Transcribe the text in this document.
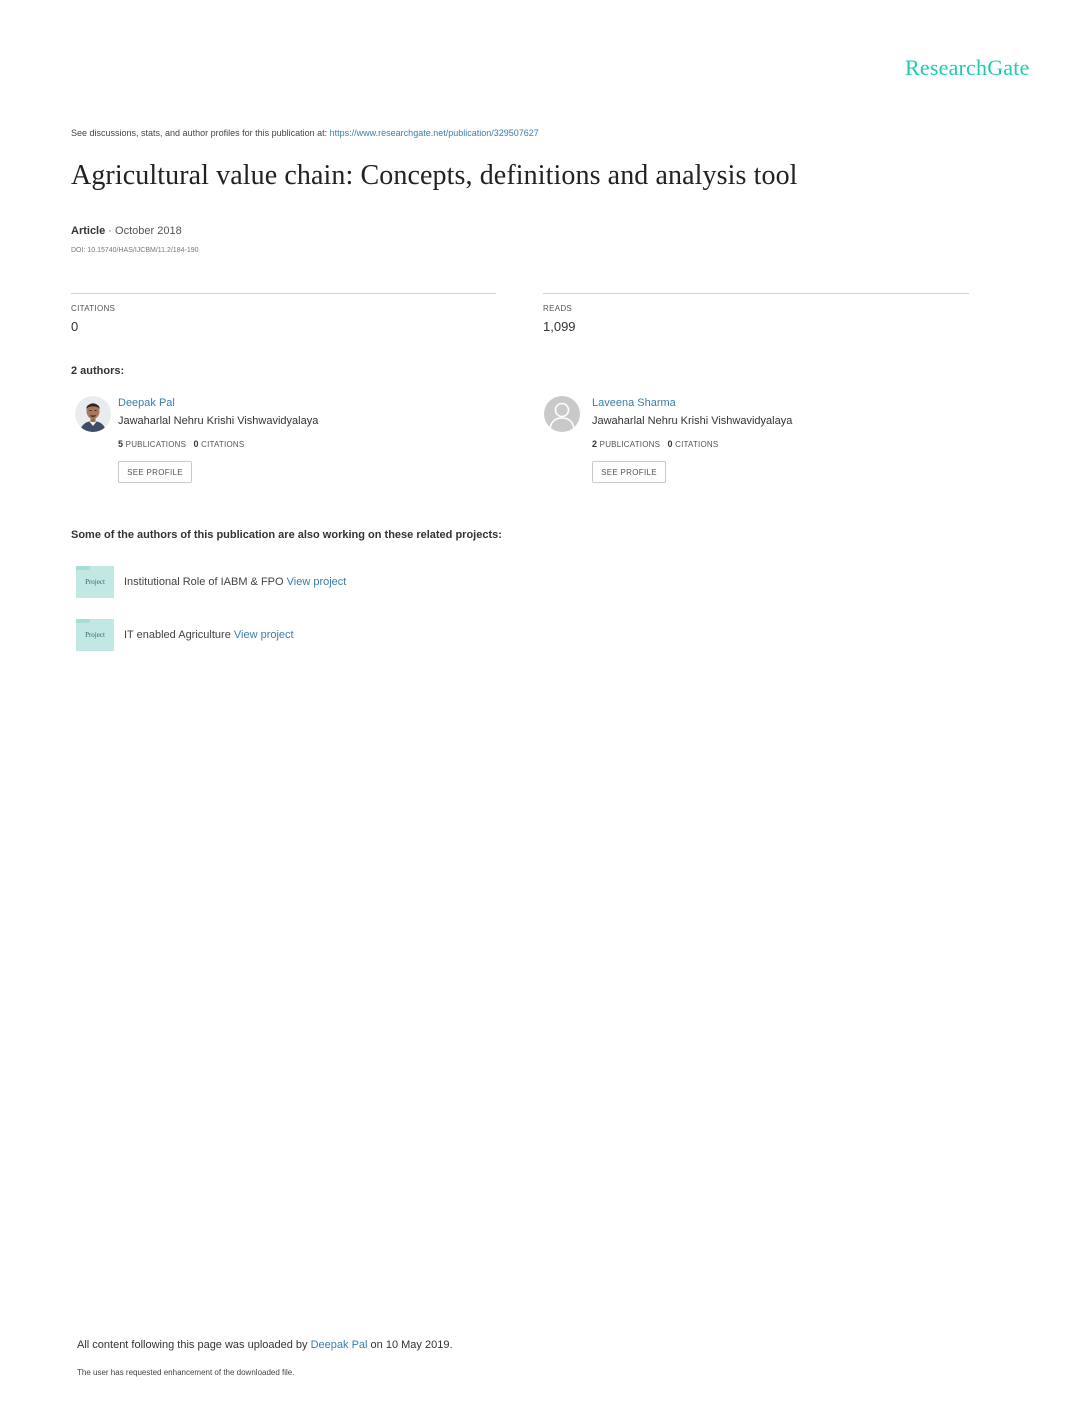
ResearchGate
See discussions, stats, and author profiles for this publication at: https://www.researchgate.net/publication/329507627
Agricultural value chain: Concepts, definitions and analysis tool
Article · October 2018
DOI: 10.15740/HAS/IJCBM/11.2/184-190
CITATIONS
0
READS
1,099
2 authors:
Deepak Pal
Jawaharlal Nehru Krishi Vishwavidyalaya
5 PUBLICATIONS 0 CITATIONS
SEE PROFILE
Laveena Sharma
Jawaharlal Nehru Krishi Vishwavidyalaya
2 PUBLICATIONS 0 CITATIONS
SEE PROFILE
Some of the authors of this publication are also working on these related projects:
Project	Institutional Role of IABM & FPO View project
Project	IT enabled Agriculture View project
All content following this page was uploaded by Deepak Pal on 10 May 2019.
The user has requested enhancement of the downloaded file.
